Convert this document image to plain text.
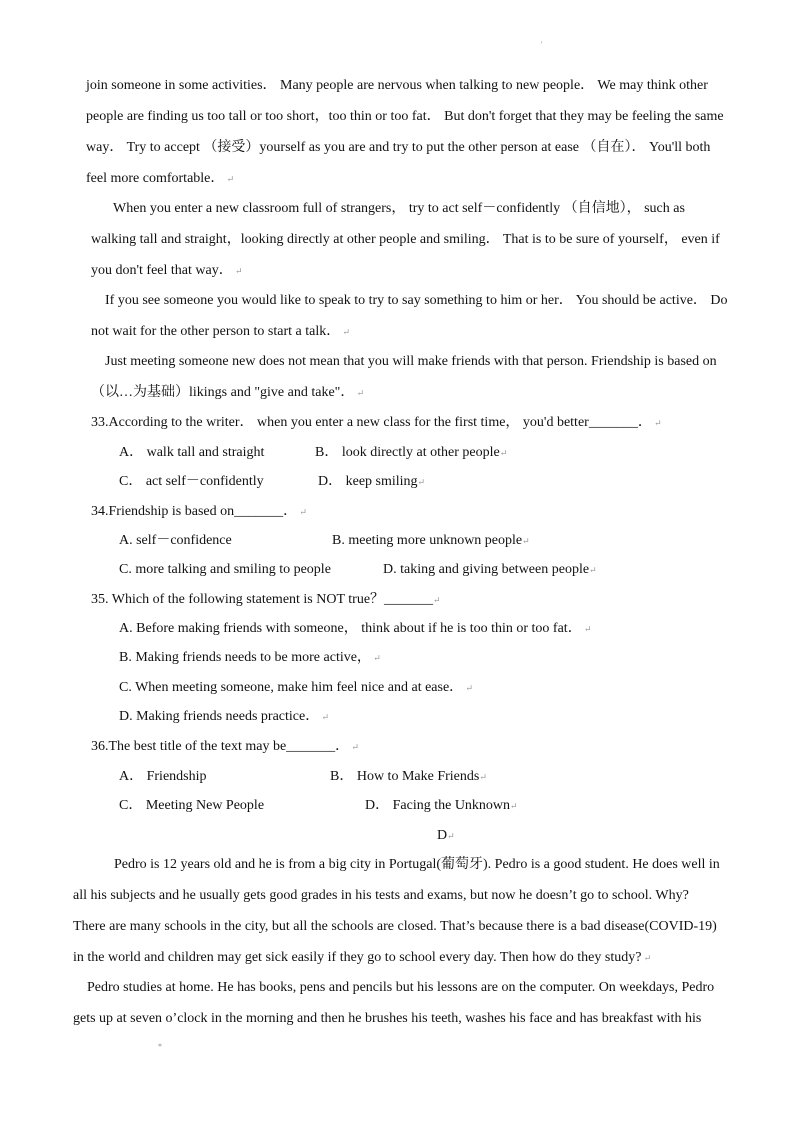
'
join someone in some activities． Many people are nervous when talking to new people． We may think other
people are finding us too tall or too short，too thin or too fat． But don't forget that they may be feeling the same
way． Try to accept （接受）yourself as you are and try to put the other person at ease （自在）． You'll both
feel more comfortable． ↵
When you enter a new classroom full of strangers， try to act self－confidently （自信地）， such as
walking tall and straight，looking directly at other people and smiling． That is to be sure of yourself， even if
you don't feel that way． ↵
If you see someone you would like to speak to try to say something to him or her． You should be active． Do
not wait for the other person to start a talk． ↵
Just meeting someone new does not mean that you will make friends with that person. Friendship is based on
（以…为基础）likings and "give and take"． ↵
33.According to the writer． when you enter a new class for the first time， you'd better_______． ↵
A． walk tall and straight	B． look directly at other people↵
C． act self－confidently	D． keep smiling↵
34.Friendship is based on_______． ↵
A. self－confidence	B. meeting more unknown people↵
C. more talking and smiling to people	D. taking and giving between people↵
35. Which of the following statement is NOT true？_______↵
A. Before making friends with someone， think about if he is too thin or too fat． ↵
B. Making friends needs to be more active， ↵
C. When meeting someone, make him feel nice and at ease． ↵
D. Making friends needs practice． ↵
36.The best title of the text may be_______． ↵
A． Friendship	B． How to Make Friends↵
C． Meeting New People	D． Facing the Unknown↵
D↵
Pedro is 12 years old and he is from a big city in Portugal(葡萄牙). Pedro is a good student. He does well in
all his subjects and he usually gets good grades in his tests and exams, but now he doesn’t go to school. Why?
There are many schools in the city, but all the schools are closed. That’s because there is a bad disease(COVID-19)
in the world and children may get sick easily if they go to school every day. Then how do they study? ↵
Pedro studies at home. He has books, pens and pencils but his lessons are on the computer. On weekdays, Pedro
gets up at seven o’clock in the morning and then he brushes his teeth, washes his face and has breakfast with his
*
